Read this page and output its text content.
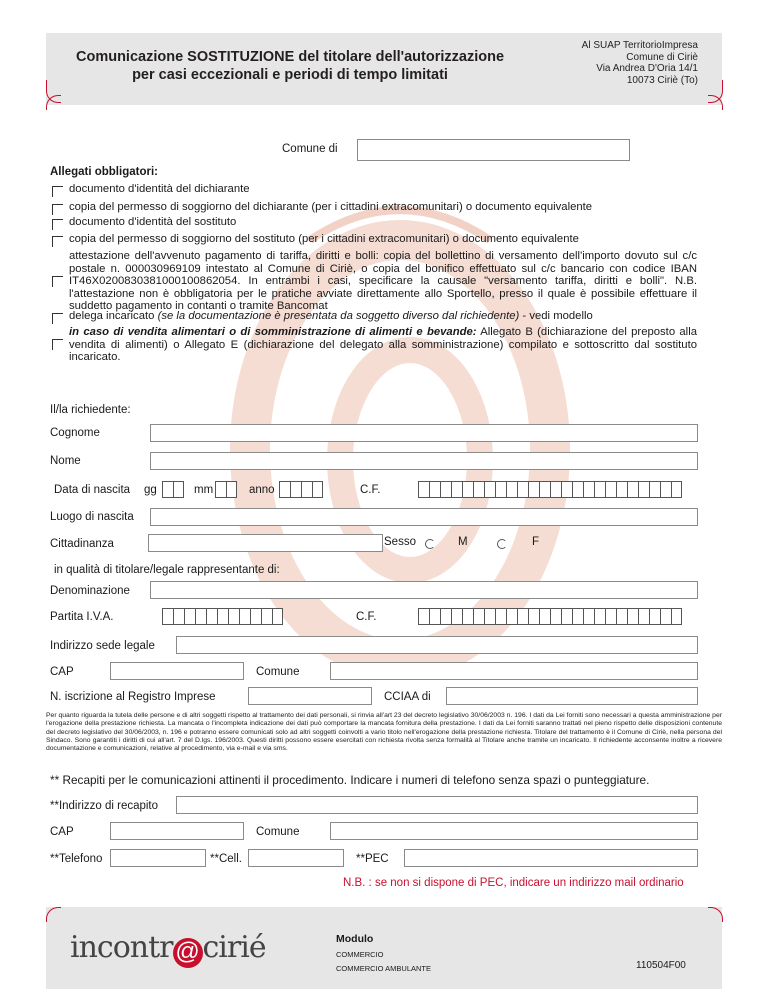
Comunicazione SOSTITUZIONE del titolare dell'autorizzazione
per casi eccezionali e periodi di tempo limitati
Al SUAP TerritorioImpresa
Comune di Ciriè
Via Andrea D'Oria 14/1
10073 Ciriè (To)
Comune di
Allegati obbligatori:
documento d'identità del dichiarante
copia del permesso di soggiorno del dichiarante (per i cittadini extracomunitari) o documento equivalente
documento d'identità del sostituto
copia del permesso di soggiorno del sostituto (per i cittadini extracomunitari) o documento equivalente
attestazione dell'avvenuto pagamento di tariffa, diritti e bolli: copia del bollettino di versamento dell'importo dovuto sul c/c postale n. 000030969109 intestato al Comune di Ciriè, o copia del bonifico effettuato sul c/c bancario con codice IBAN IT46X0200830381000100862054. In entrambi i casi, specificare la causale "versamento tariffa, diritti e bolli". N.B. l'attestazione non è obbligatoria per le pratiche avviate direttamente allo Sportello, presso il quale è possibile effettuare il suddetto pagamento in contanti o tramite Bancomat
delega incaricato (se la documentazione è presentata da soggetto diverso dal richiedente) - vedi modello
in caso di vendita alimentari o di somministrazione di alimenti e bevande: Allegato B (dichiarazione del preposto alla vendita di alimenti) o Allegato E (dichiarazione del delegato alla somministrazione) compilato e sottoscritto dal sostituto incaricato.
Il/la richiedente:
Cognome
Nome
Data di nascita gg	mm	anno	C.F.
Luogo di nascita
Cittadinanza	Sesso	M	F
in qualità di titolare/legale rappresentante di:
Denominazione
Partita I.V.A.	C.F.
Indirizzo sede legale
CAP	Comune
N. iscrizione al Registro Imprese	CCIAA di
Per quanto riguarda la tutela delle persone e di altri soggetti rispetto al trattamento dei dati personali, si rinvia all'art 23 del decreto legislativo 30/06/2003 n. 196. I dati da Lei forniti sono necessari a questa amministrazione per l'erogazione della prestazione richiesta. La mancata o l'incompleta indicazione dei dati può comportare la mancata fornitura della prestazione. I dati da Lei forniti saranno trattati nel pieno rispetto delle disposizioni contenute del decreto legislativo del 30/06/2003, n. 196 e potranno essere comunicati solo ad altri soggetti coinvolti a vario titolo nell'erogazione della prestazione richiesta. Titolare del trattamento è il Comune di Ciriè, nella persona del Sindaco. Sono garantiti i diritti di cui all'art. 7 del D.lgs. 196/2003. Questi diritti possono essere esercitati con richiesta rivolta senza formalità al Titolare anche tramite un incaricato. Il richiedente acconsente inoltre a ricevere documentazione e comunicazioni, relative al procedimento, via e-mail e via sms.
** Recapiti per le comunicazioni attinenti il procedimento. Indicare i numeri di telefono senza spazi o punteggiature.
**Indirizzo di recapito
CAP	Comune
**Telefono	**Cell.	**PEC
N.B. : se non si dispone di PEC, indicare un indirizzo mail ordinario
incontr @cirié	Modulo
COMMERCIO
COMMERCIO AMBULANTE	110504F00
